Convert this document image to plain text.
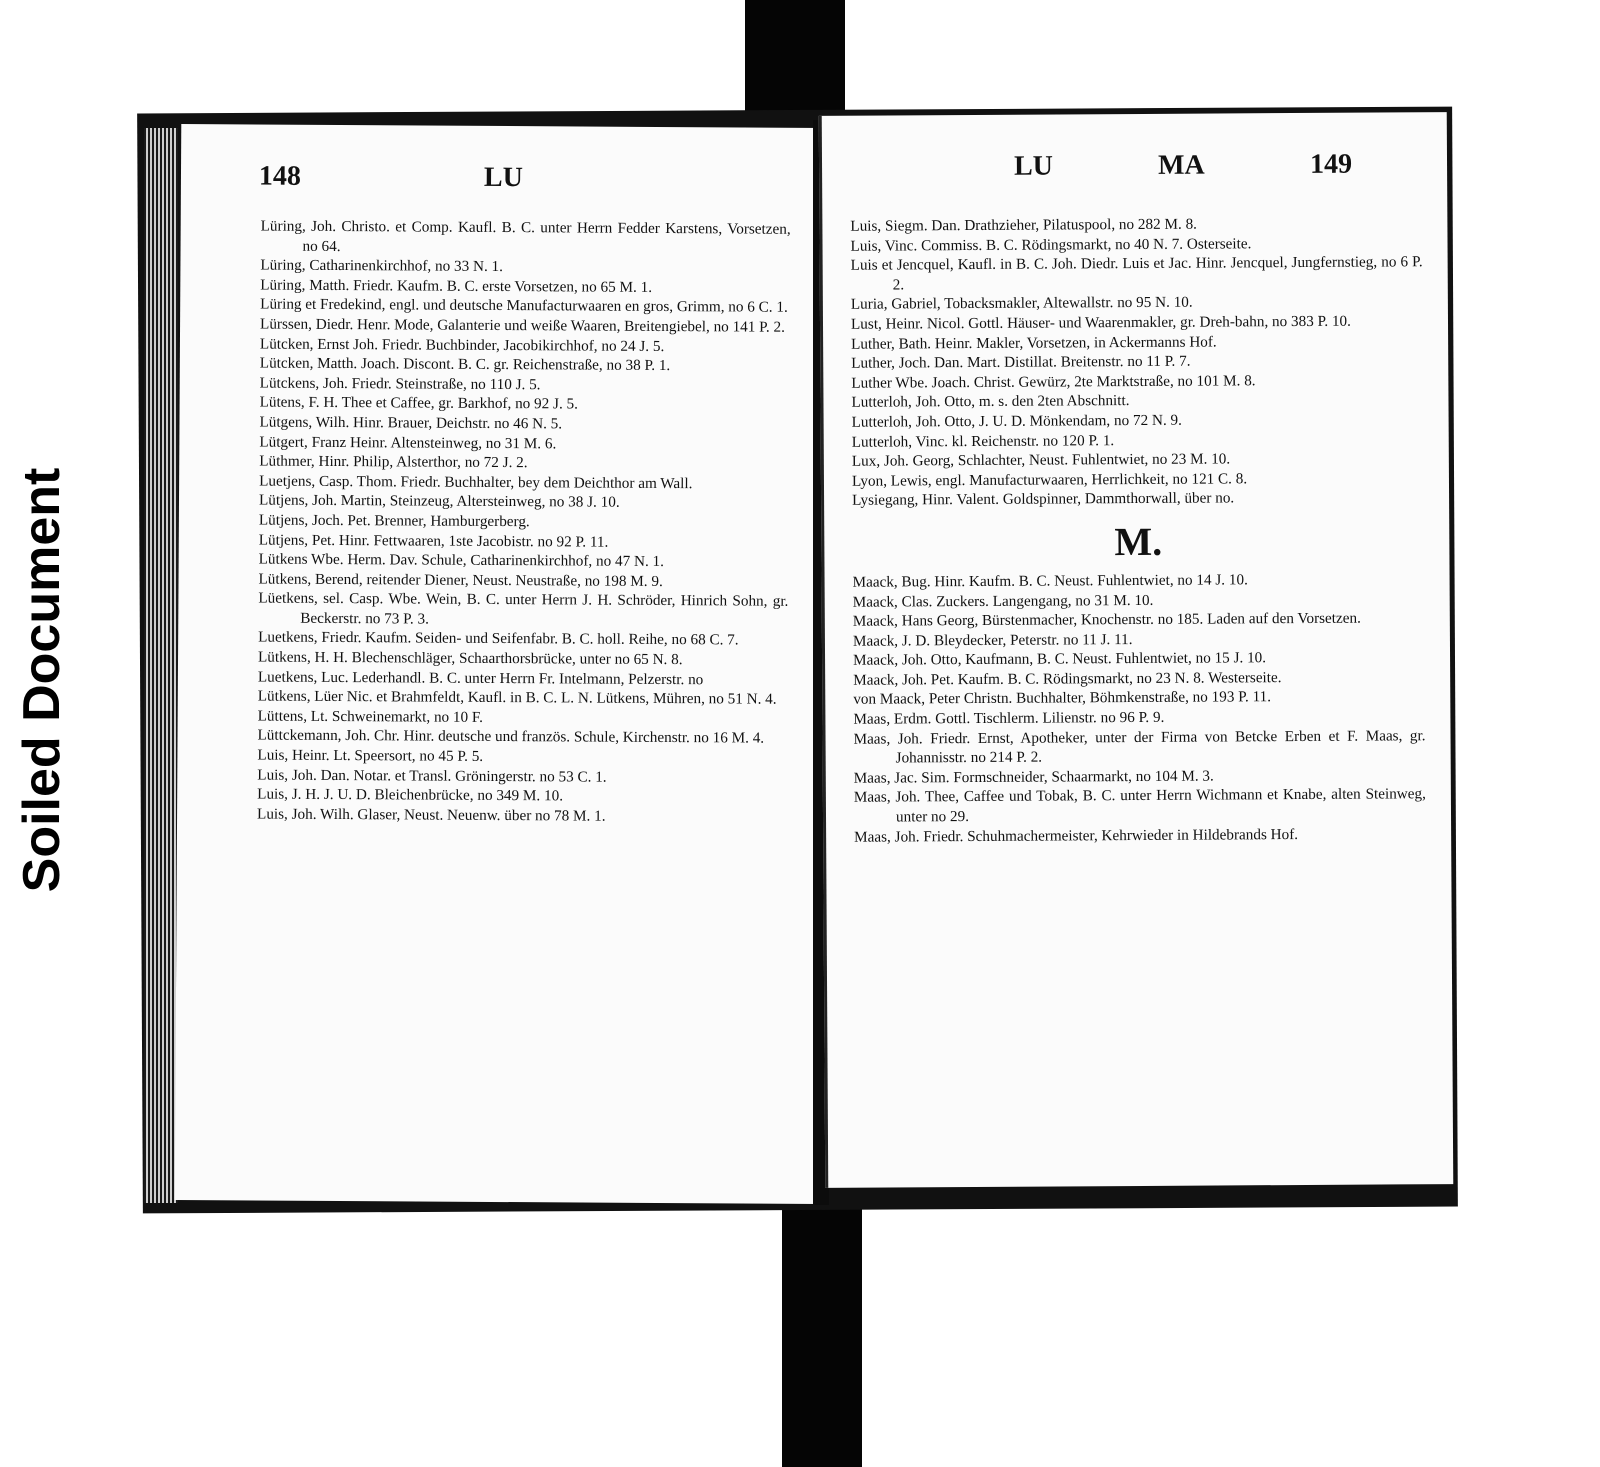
Soiled Document
148	LU

Lüring, Joh. Christo. et Comp. Kaufl. B. C. unter Herrn Fedder Karstens, Vorsetzen, no 64.

Lüring, Catharinenkirchhof, no 33 N. 1.

Lüring, Matth. Friedr. Kaufm. B. C. erste Vorsetzen, no 65 M. 1.

Lüring et Fredekind, engl. und deutsche Manufacturwaaren en gros, Grimm, no 6 C. 1.

Lürssen, Diedr. Henr. Mode, Galanterie und weiße Waaren, Breitengiebel, no 141 P. 2.

Lütcken, Ernst Joh. Friedr. Buchbinder, Jacobikirchhof, no 24 J. 5.

Lütcken, Matth. Joach. Discont. B. C. gr. Reichenstraße, no 38 P. 1.

Lütckens, Joh. Friedr. Steinstraße, no 110 J. 5.

Lütens, F. H. Thee et Caffee, gr. Barkhof, no 92 J. 5.

Lütgens, Wilh. Hinr. Brauer, Deichstr. no 46 N. 5.

Lütgert, Franz Heinr. Altensteinweg, no 31 M. 6.

Lüthmer, Hinr. Philip, Alsterthor, no 72 J. 2.

Luetjens, Casp. Thom. Friedr. Buchhalter, bey dem Deichthor am Wall.

Lütjens, Joh. Martin, Steinzeug, Altersteinweg, no 38 J. 10.

Lütjens, Joch. Pet. Brenner, Hamburgerberg.

Lütjens, Pet. Hinr. Fettwaaren, 1ste Jacobistr. no 92 P. 11.

Lütkens Wbe. Herm. Dav. Schule, Catharinenkirchhof, no 47 N. 1.

Lütkens, Berend, reitender Diener, Neust. Neustraße, no 198 M. 9.

Lüetkens, sel. Casp. Wbe. Wein, B. C. unter Herrn J. H. Schröder, Hinrich Sohn, gr. Beckerstr. no 73 P. 3.

Luetkens, Friedr. Kaufm. Seiden- und Seifenfabr. B. C. holl. Reihe, no 68 C. 7.

Lütkens, H. H. Blechenschläger, Schaarthorsbrücke, unter no 65 N. 8.

Luetkens, Luc. Lederhandl. B. C. unter Herrn Fr. Intelmann, Pelzerstr. no

Lütkens, Lüer Nic. et Brahmfeldt, Kaufl. in B. C. L. N. Lütkens, Mühren, no 51 N. 4.

Lüttens, Lt. Schweinemarkt, no 10 F.

Lüttckemann, Joh. Chr. Hinr. deutsche und französ. Schule, Kirchenstr. no 16 M. 4.

Luis, Heinr. Lt. Speersort, no 45 P. 5.

Luis, Joh. Dan. Notar. et Transl. Gröningerstr. no 53 C. 1.

Luis, J. H. J. U. D. Bleichenbrücke, no 349 M. 10.

Luis, Joh. Wilh. Glaser, Neust. Neuenw. über no 78 M. 1.

LU	MA	149

Luis, Siegm. Dan. Drathzieher, Pilatuspool, no 282 M. 8.

Luis, Vinc. Commiss. B. C. Rödingsmarkt, no 40 N. 7. Osterseite.

Luis et Jencquel, Kaufl. in B. C. Joh. Diedr. Luis et Jac. Hinr. Jencquel, Jungfernstieg, no 6 P. 2.

Luria, Gabriel, Tobacksmakler, Altewallstr. no 95 N. 10.

Lust, Heinr. Nicol. Gottl. Häuser- und Waarenmakler, gr. Dreh-bahn, no 383 P. 10.

Luther, Bath. Heinr. Makler, Vorsetzen, in Ackermanns Hof.

Luther, Joch. Dan. Mart. Distillat. Breitenstr. no 11 P. 7.

Luther Wbe. Joach. Christ. Gewürz, 2te Marktstraße, no 101 M. 8.

Lutterloh, Joh. Otto, m. s. den 2ten Abschnitt.

Lutterloh, Joh. Otto, J. U. D. Mönkendam, no 72 N. 9.

Lutterloh, Vinc. kl. Reichenstr. no 120 P. 1.

Lux, Joh. Georg, Schlachter, Neust. Fuhlentwiet, no 23 M. 10.

Lyon, Lewis, engl. Manufacturwaaren, Herrlichkeit, no 121 C. 8.

Lysiegang, Hinr. Valent. Goldspinner, Dammthorwall, über no.

M.

Maack, Bug. Hinr. Kaufm. B. C. Neust. Fuhlentwiet, no 14 J. 10.

Maack, Clas. Zuckers. Langengang, no 31 M. 10.

Maack, Hans Georg, Bürstenmacher, Knochenstr. no 185. Laden auf den Vorsetzen.

Maack, J. D. Bleydecker, Peterstr. no 11 J. 11.

Maack, Joh. Otto, Kaufmann, B. C. Neust. Fuhlentwiet, no 15 J. 10.

Maack, Joh. Pet. Kaufm. B. C. Rödingsmarkt, no 23 N. 8. Westerseite.

von Maack, Peter Christn. Buchhalter, Böhmkenstraße, no 193 P. 11.

Maas, Erdm. Gottl. Tischlerm. Lilienstr. no 96 P. 9.

Maas, Joh. Friedr. Ernst, Apotheker, unter der Firma von Betcke Erben et F. Maas, gr. Johannisstr. no 214 P. 2.

Maas, Jac. Sim. Formschneider, Schaarmarkt, no 104 M. 3.

Maas, Joh. Thee, Caffee und Tobak, B. C. unter Herrn Wichmann et Knabe, alten Steinweg, unter no 29.

Maas, Joh. Friedr. Schuhmachermeister, Kehrwieder in Hildebrands Hof.
